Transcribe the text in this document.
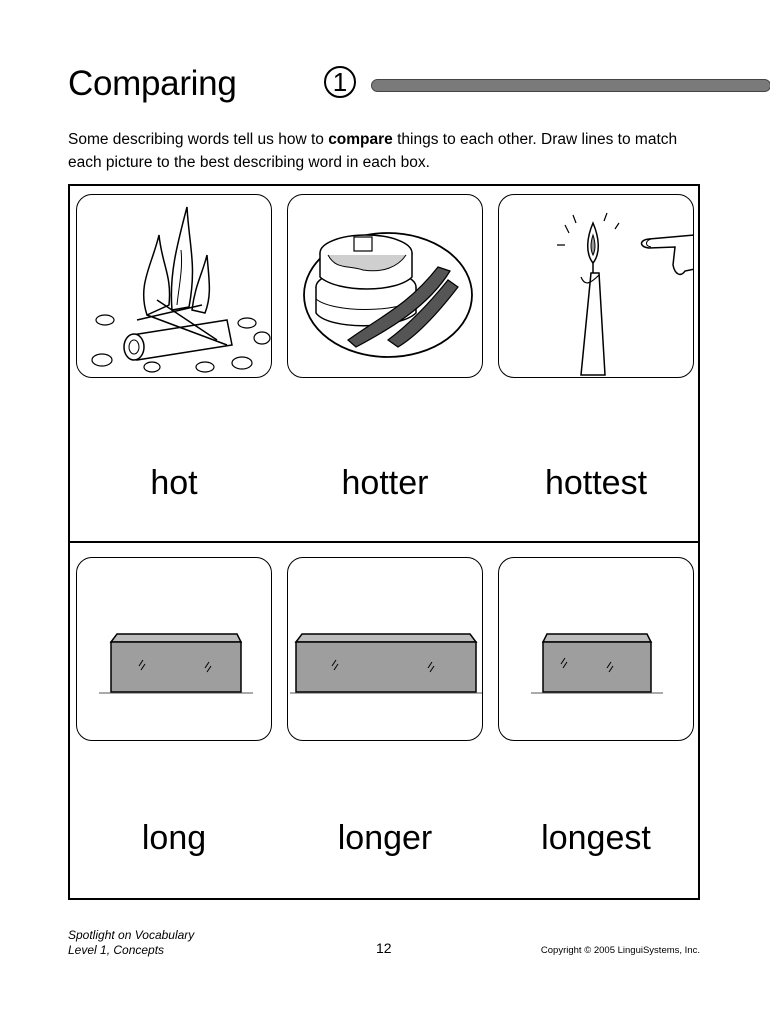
Comparing	1
Some describing words tell us how to compare things to each other. Draw lines to match each picture to the best describing word in each box.
hot	hotter	hottest
long	longer	longest
Spotlight on Vocabulary
Level 1, Concepts	12	Copyright © 2005 LinguiSystems, Inc.
